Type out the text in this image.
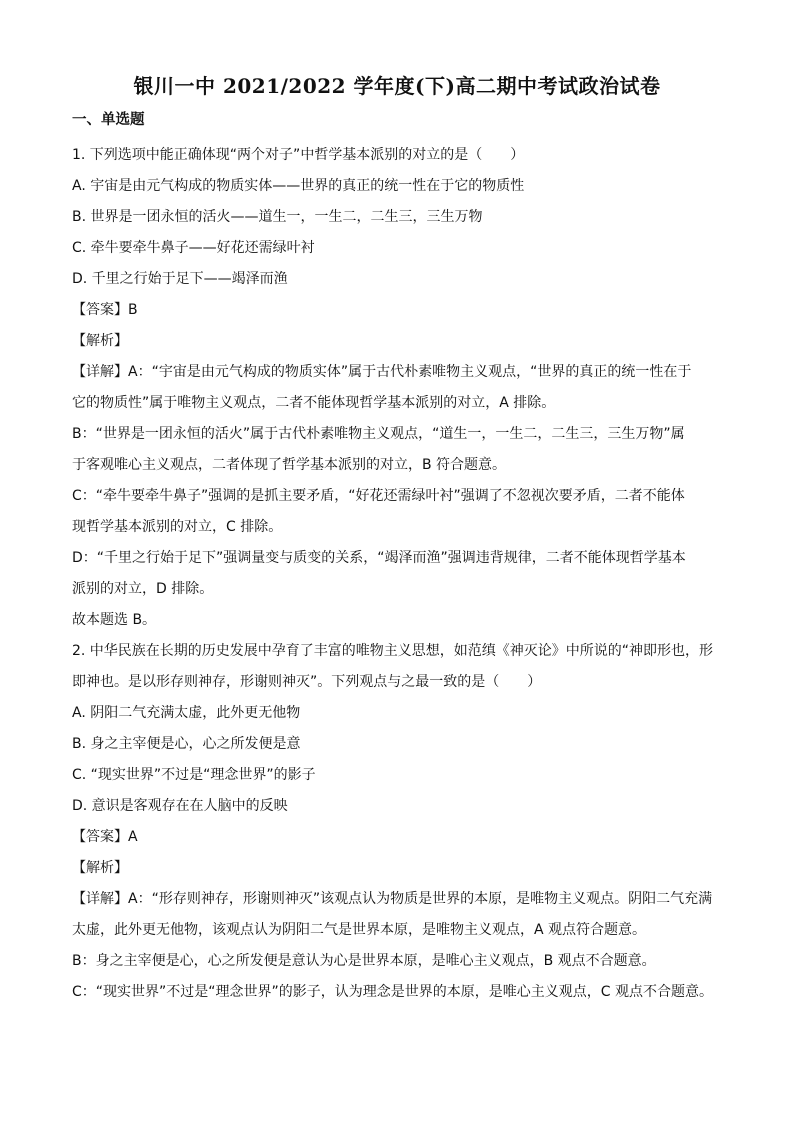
银川一中 2021/2022 学年度(下)高二期中考试政治试卷
一、单选题
1. 下列选项中能正确体现“两个对子”中哲学基本派别的对立的是（　　）
A. 宇宙是由元气构成的物质实体——世界的真正的统一性在于它的物质性
B. 世界是一团永恒的活火——道生一，一生二，二生三，三生万物
C. 牵牛要牵牛鼻子——好花还需绿叶衬
D. 千里之行始于足下——竭泽而渔
【答案】B
【解析】
【详解】A：“宇宙是由元气构成的物质实体”属于古代朴素唯物主义观点，“世界的真正的统一性在于
它的物质性”属于唯物主义观点，二者不能体现哲学基本派别的对立，A 排除。
B：“世界是一团永恒的活火”属于古代朴素唯物主义观点，“道生一，一生二，二生三，三生万物”属
于客观唯心主义观点，二者体现了哲学基本派别的对立，B 符合题意。
C：“牵牛要牵牛鼻子”强调的是抓主要矛盾，“好花还需绿叶衬”强调了不忽视次要矛盾，二者不能体
现哲学基本派别的对立，C 排除。
D：“千里之行始于足下”强调量变与质变的关系，“竭泽而渔”强调违背规律，二者不能体现哲学基本
派别的对立，D 排除。
故本题选 B。
2. 中华民族在长期的历史发展中孕育了丰富的唯物主义思想，如范缜《神灭论》中所说的“神即形也，形
即神也。是以形存则神存，形谢则神灭”。下列观点与之最一致的是（　　）
A. 阴阳二气充满太虚，此外更无他物
B. 身之主宰便是心，心之所发便是意
C. “现实世界”不过是“理念世界”的影子
D. 意识是客观存在在人脑中的反映
【答案】A
【解析】
【详解】A：“形存则神存，形谢则神灭”该观点认为物质是世界的本原，是唯物主义观点。阴阳二气充满
太虚，此外更无他物，该观点认为阴阳二气是世界本原，是唯物主义观点，A 观点符合题意。
B：身之主宰便是心，心之所发便是意认为心是世界本原，是唯心主义观点，B 观点不合题意。
C：“现实世界”不过是“理念世界”的影子，认为理念是世界的本原，是唯心主义观点，C 观点不合题意。
